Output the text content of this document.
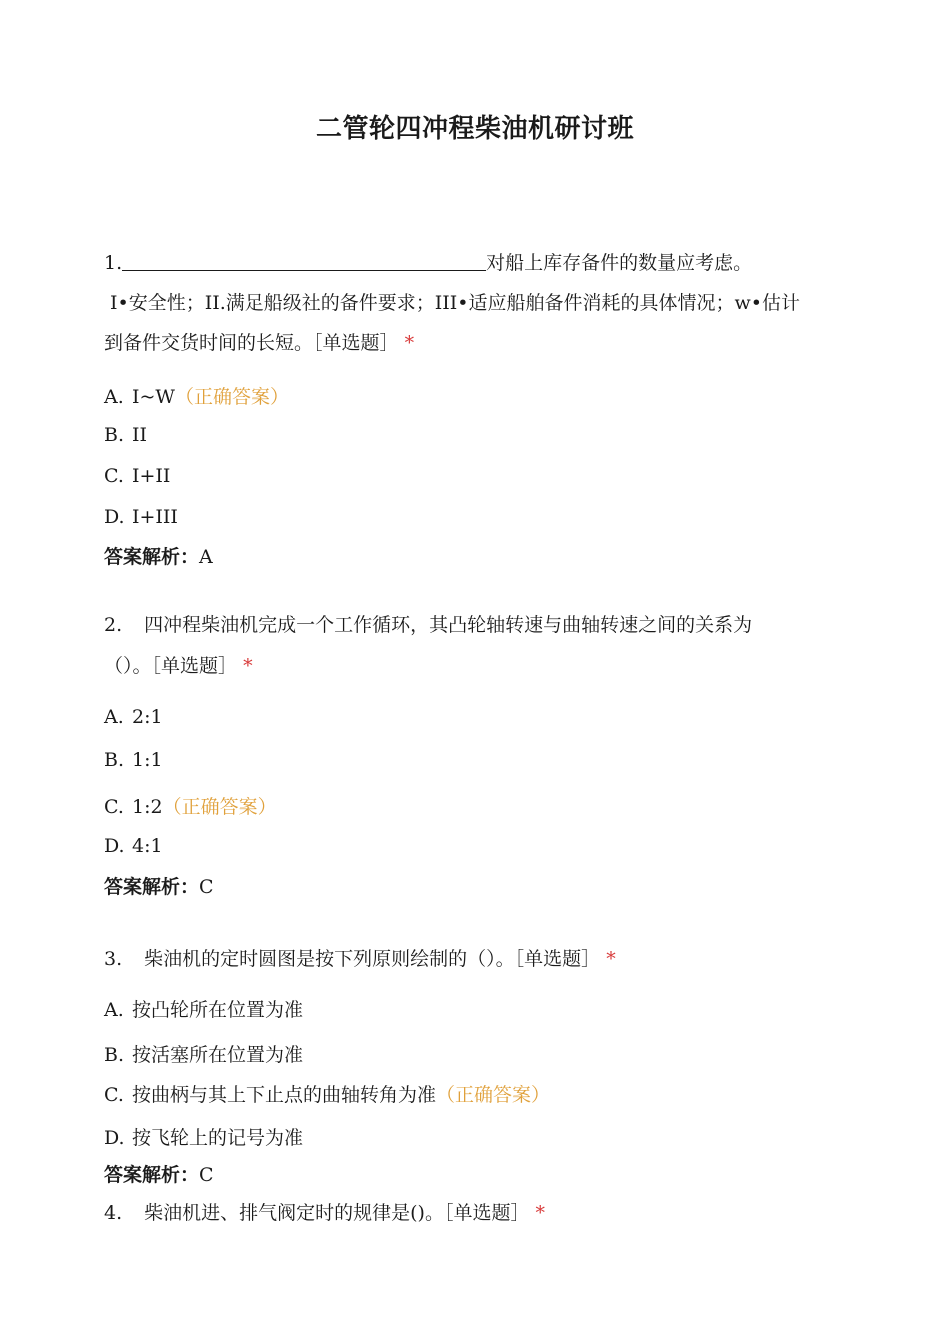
二管轮四冲程柴油机研讨班
1.	对船上库存备件的数量应考虑。
I•安全性；II.满足船级社的备件要求；III•适应船舶备件消耗的具体情况；w•估计
到备件交货时间的长短。［单选题］ *
A. I~W（正确答案）
B. II
C. I+II
D. I+III
答案解析：A
2. 四冲程柴油机完成一个工作循环，其凸轮轴转速与曲轴转速之间的关系为
（）。［单选题］ *
A. 2:1
B. 1:1
C. 1:2（正确答案）
D. 4:1
答案解析：C
3. 柴油机的定时圆图是按下列原则绘制的（）。［单选题］ *
A. 按凸轮所在位置为准
B. 按活塞所在位置为准
C. 按曲柄与其上下止点的曲轴转角为准（正确答案）
D. 按飞轮上的记号为准
答案解析：C
4. 柴油机进、排气阀定时的规律是()。［单选题］ *
